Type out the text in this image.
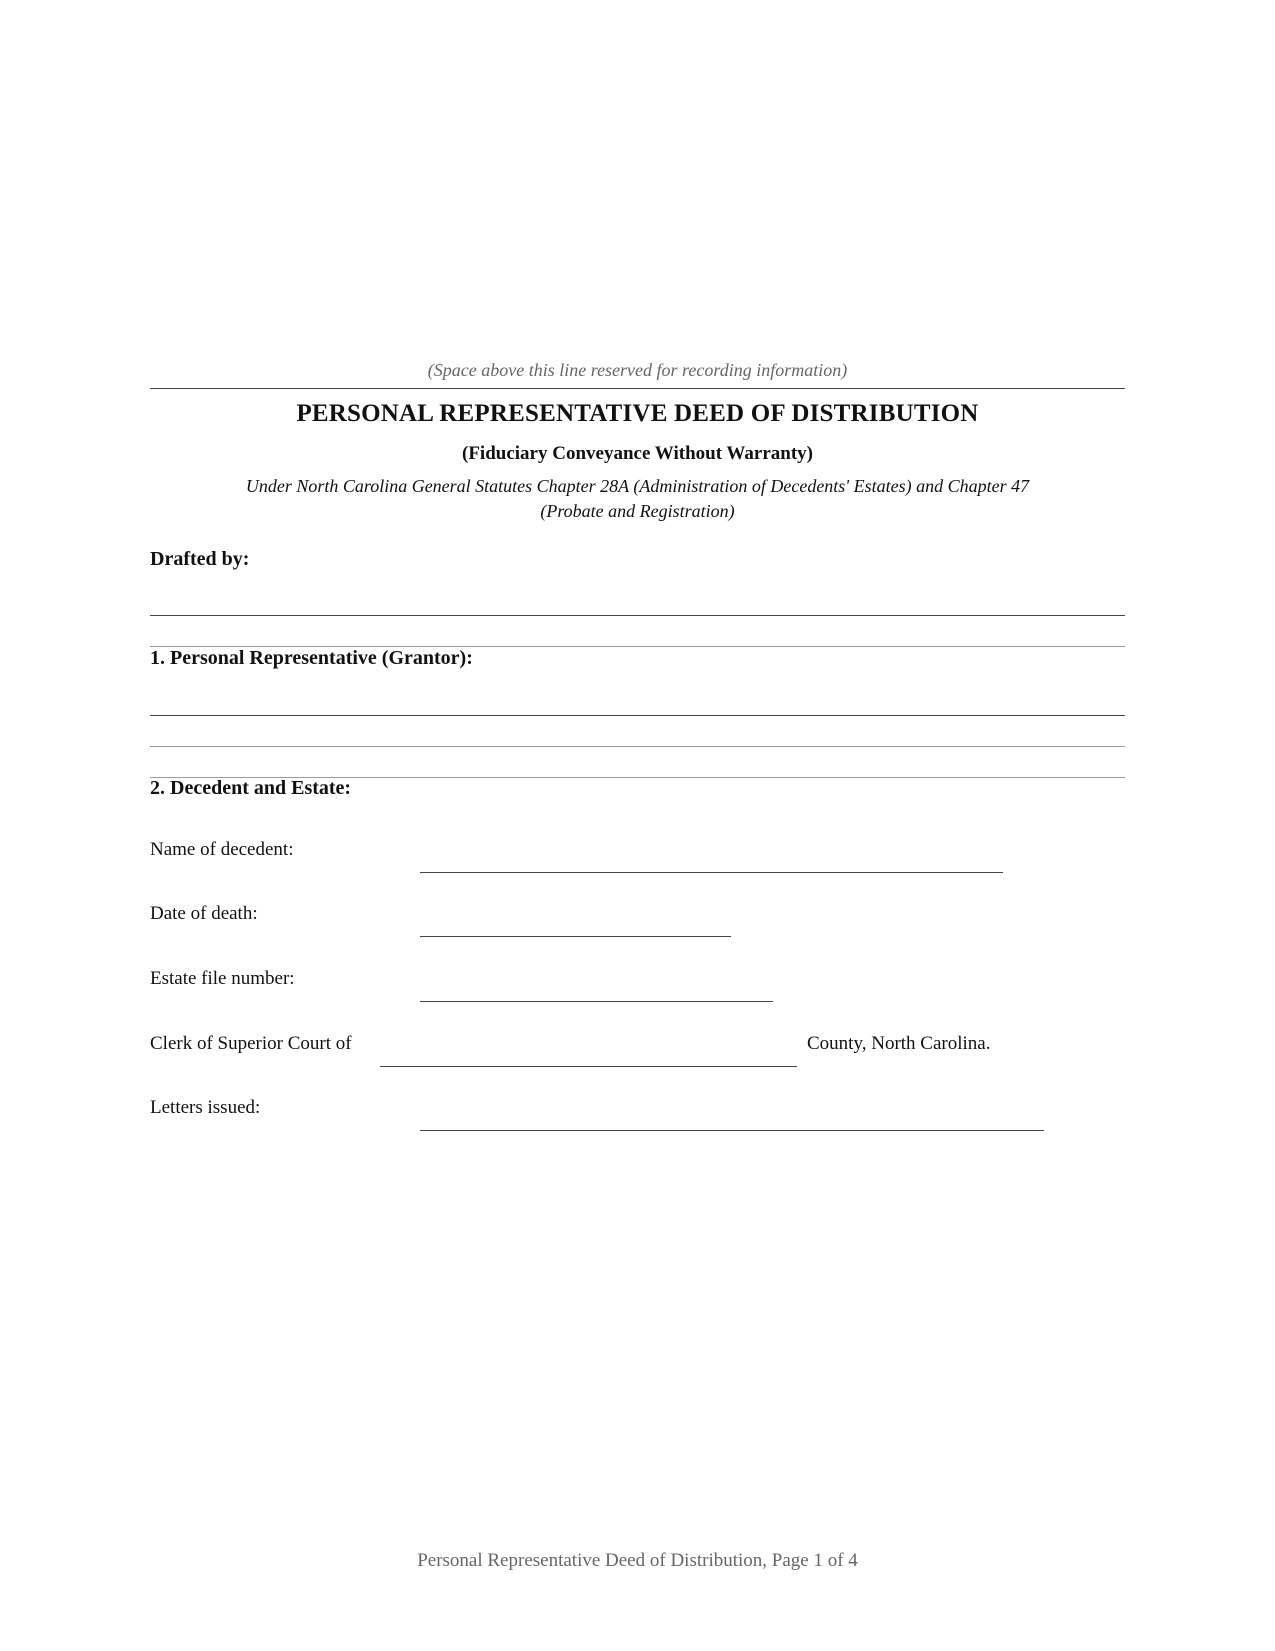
(Space above this line reserved for recording information)
PERSONAL REPRESENTATIVE DEED OF DISTRIBUTION
(Fiduciary Conveyance Without Warranty)
Under North Carolina General Statutes Chapter 28A (Administration of Decedents' Estates) and Chapter 47
(Probate and Registration)
Drafted by:
1. Personal Representative (Grantor):
2. Decedent and Estate:
Name of decedent:
Date of death:
Estate file number:
Clerk of Superior Court of	County, North Carolina.
Letters issued:
Personal Representative Deed of Distribution, Page 1 of 4
